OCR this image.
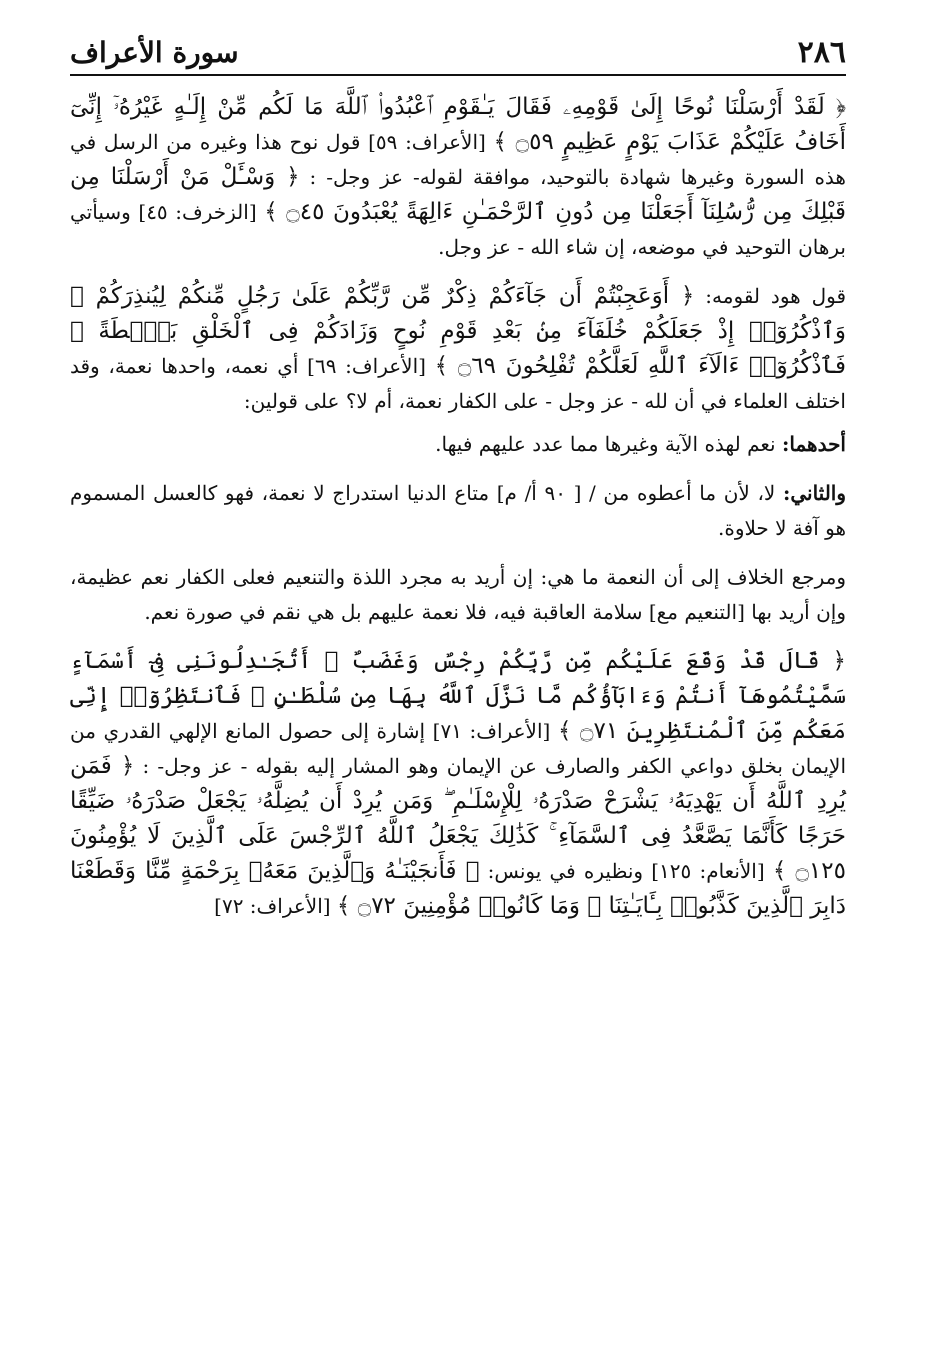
٢٨٦
سورة الأعراف

﴿ لَقَدْ أَرْسَلْنَا نُوحًا إِلَىٰ قَوْمِهِۦ فَقَالَ يَـٰقَوْمِ ٱعْبُدُوا۟ ٱللَّهَ مَا لَكُم مِّنْ إِلَـٰهٍ غَيْرُهُۥٓ إِنِّىٓ أَخَافُ عَلَيْكُمْ عَذَابَ يَوْمٍ عَظِيمٍ ۝٥٩ ﴾ [الأعراف: ٥٩] قول نوح هذا وغيره من الرسل في هذه السورة وغيرها شهادة بالتوحيد، موافقة لقوله- عز وجل- : ﴿ وَسْـَٔلْ مَنْ أَرْسَلْنَا مِن قَبْلِكَ مِن رُّسُلِنَآ أَجَعَلْنَا مِن دُونِ ٱلرَّحْمَـٰنِ ءَالِهَةً يُعْبَدُونَ ۝٤٥ ﴾ [الزخرف: ٤٥] وسيأتي برهان التوحيد في موضعه، إن شاء الله - عز وجل.

قول هود لقومه: ﴿ أَوَعَجِبْتُمْ أَن جَآءَكُمْ ذِكْرٌ مِّن رَّبِّكُمْ عَلَىٰ رَجُلٍ مِّنكُمْ لِيُنذِرَكُمْ ۚ وَٱذْكُرُوٓا۟ إِذْ جَعَلَكُمْ خُلَفَآءَ مِنۢ بَعْدِ قَوْمِ نُوحٍ وَزَادَكُمْ فِى ٱلْخَلْقِ بَصْۜطَةً ۖ فَٱذْكُرُوٓا۟ ءَالَآءَ ٱللَّهِ لَعَلَّكُمْ تُفْلِحُونَ ۝٦٩ ﴾ [الأعراف: ٦٩] أي نعمه، واحدها نعمة، وقد اختلف العلماء في أن لله - عز وجل - على الكفار نعمة، أم لا؟ على قولين:

أحدهما: نعم لهذه الآية وغيرها مما عدد عليهم فيها.

والثاني: لا، لأن ما أعطوه من / [ ٩٠ أ/ م] متاع الدنيا استدراج لا نعمة، فهو كالعسل المسموم هو آفة لا حلاوة.

ومرجع الخلاف إلى أن النعمة ما هي: إن أريد به مجرد اللذة والتنعيم فعلى الكفار نعم عظيمة، وإن أريد بها [التنعيم مع] سلامة العاقبة فيه، فلا نعمة عليهم بل هي نقم في صورة نعم.

﴿ قَالَ قَدْ وَقَعَ عَلَيْكُم مِّن رَّبِّكُمْ رِجْسٌ وَغَضَبٌ ۖ أَتُجَـٰدِلُونَنِى فِىٓ أَسْمَآءٍ سَمَّيْتُمُوهَآ أَنتُمْ وَءَابَآؤُكُم مَّا نَزَّلَ ٱللَّهُ بِهَا مِن سُلْطَـٰنٍ ۚ فَٱنتَظِرُوٓا۟ إِنِّى مَعَكُم مِّنَ ٱلْمُنتَظِرِينَ ۝٧١ ﴾ [الأعراف: ٧١] إشارة إلى حصول المانع الإلهي القدري من الإيمان بخلق دواعي الكفر والصارف عن الإيمان وهو المشار إليه بقوله - عز وجل- : ﴿ فَمَن يُرِدِ ٱللَّهُ أَن يَهْدِيَهُۥ يَشْرَحْ صَدْرَهُۥ لِلْإِسْلَـٰمِ ۖ وَمَن يُرِدْ أَن يُضِلَّهُۥ يَجْعَلْ صَدْرَهُۥ ضَيِّقًا حَرَجًا كَأَنَّمَا يَصَّعَّدُ فِى ٱلسَّمَآءِ ۚ كَذَٰلِكَ يَجْعَلُ ٱللَّهُ ٱلرِّجْسَ عَلَى ٱلَّذِينَ لَا يُؤْمِنُونَ ۝١٢٥ ﴾ [الأنعام: ١٢٥] ونظيره في يونس: ﴿ فَأَنجَيْنَـٰهُ وَٱلَّذِينَ مَعَهُۥ بِرَحْمَةٍ مِّنَّا وَقَطَعْنَا دَابِرَ ٱلَّذِينَ كَذَّبُوا۟ بِـَٔايَـٰتِنَا ۖ وَمَا كَانُوا۟ مُؤْمِنِينَ ۝٧٢ ﴾ [الأعراف: ٧٢]
